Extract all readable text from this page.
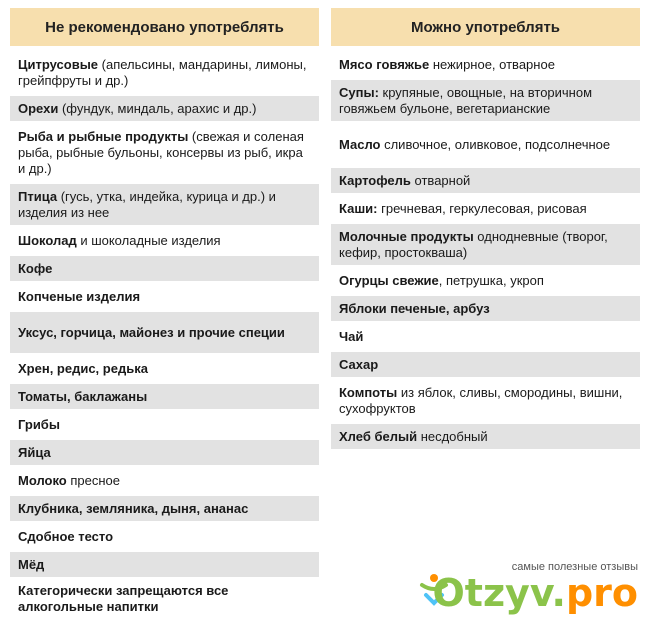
Не рекомендовано употреблять
Цитрусовые (апельсины, мандарины, лимоны, грейпфруты и др.)
Орехи (фундук, миндаль, арахис и др.)
Рыба и рыбные продукты (свежая и соленая рыба, рыбные бульоны, консервы из рыб, икра и др.)
Птица (гусь, утка, индейка, курица и др.) и изделия из нее
Шоколад и шоколадные изделия
Кофе
Копченые изделия
Уксус, горчица, майонез и прочие специи
Хрен, редис, редька
Томаты, баклажаны
Грибы
Яйца
Молоко пресное
Клубника, земляника, дыня, ананас
Сдобное тесто
Мёд
Категорически запрещаются все алкогольные напитки
Можно употреблять
Мясо говяжье нежирное, отварное
Супы: крупяные, овощные, на вторичном говяжьем бульоне, вегетарианские
Масло сливочное, оливковое, подсолнечное
Картофель отварной
Каши: гречневая, геркулесовая, рисовая
Молочные продукты однодневные (творог, кефир, простокваша)
Огурцы свежие, петрушка, укроп
Яблоки печеные, арбуз
Чай
Сахар
Компоты из яблок, сливы, смородины, вишни, сухофруктов
Хлеб белый несдобный
самые полезные отзывы
Otzyv.pro
